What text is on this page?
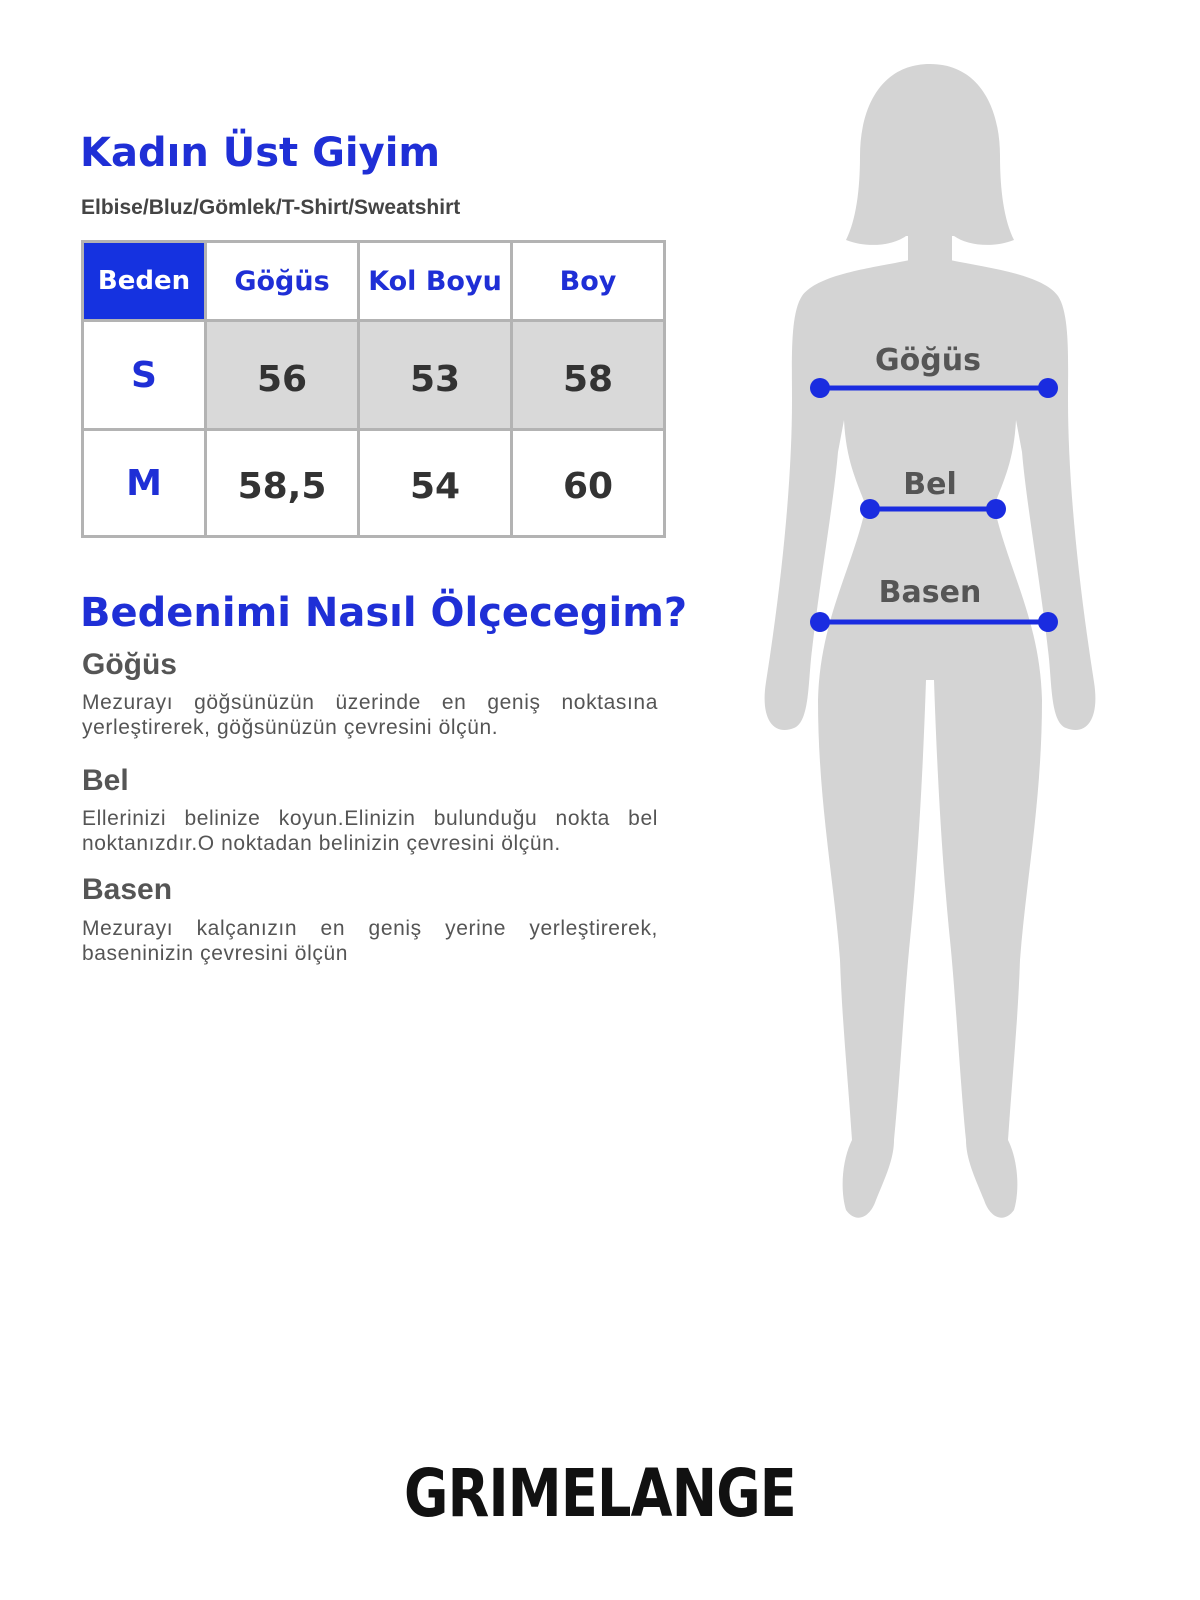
Kadın Üst Giyim

Elbise/Bluz/Gömlek/T-Shirt/Sweatshirt

Beden	Göğüs	Kol Boyu	Boy
S	56	53	58
M	58,5	54	60
Bedenimi Nasıl Ölçecegim?
Göğüs

Mezurayı göğsünüzün üzerinde en geniş noktasına yerleştirerek, göğsünüzün çevresini ölçün.

Bel

Ellerinizi belinize koyun.Elinizin bulunduğu nokta bel noktanızdır.O noktadan belinizin çevresini ölçün.

Basen

Mezurayı kalçanızın en geniş yerine yerleştirerek, baseninizin çevresini ölçün

Göğüs
Bel
Basen
GRIMELANGE
